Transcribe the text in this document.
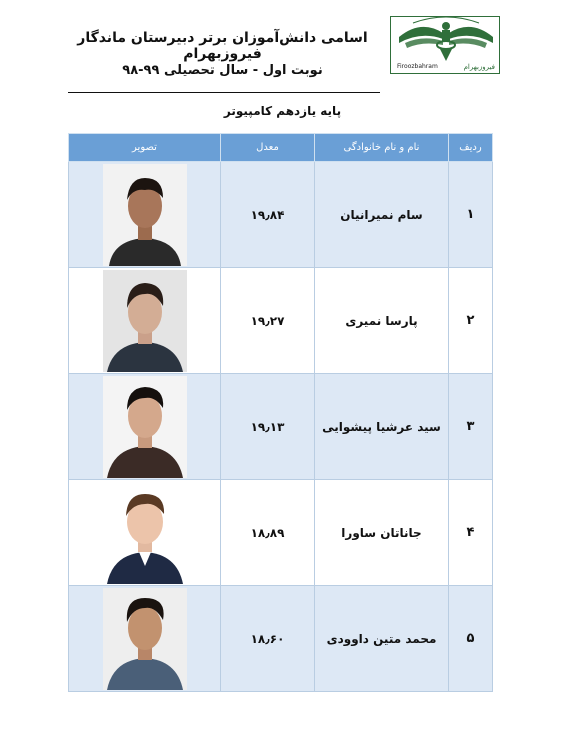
Firoozbahram	فیروزبهرام
اسامی دانش‌آموزان برتر دبیرستان ماندگار فیروزبهرام
نوبت اول - سال تحصیلی ۹۹-۹۸
پایه یازدهم کامپیوتر
ردیف	نام و نام خانوادگی	معدل	تصویر
۱	سام نمیرانیان	۱۹٫۸۴	

۲	پارسا نمیری	۱۹٫۲۷	

۳	سید عرشیا پیشوایی	۱۹٫۱۳	

۴	جاناتان ساورا	۱۸٫۸۹	

۵	محمد متین داوودی	۱۸٫۶۰	
